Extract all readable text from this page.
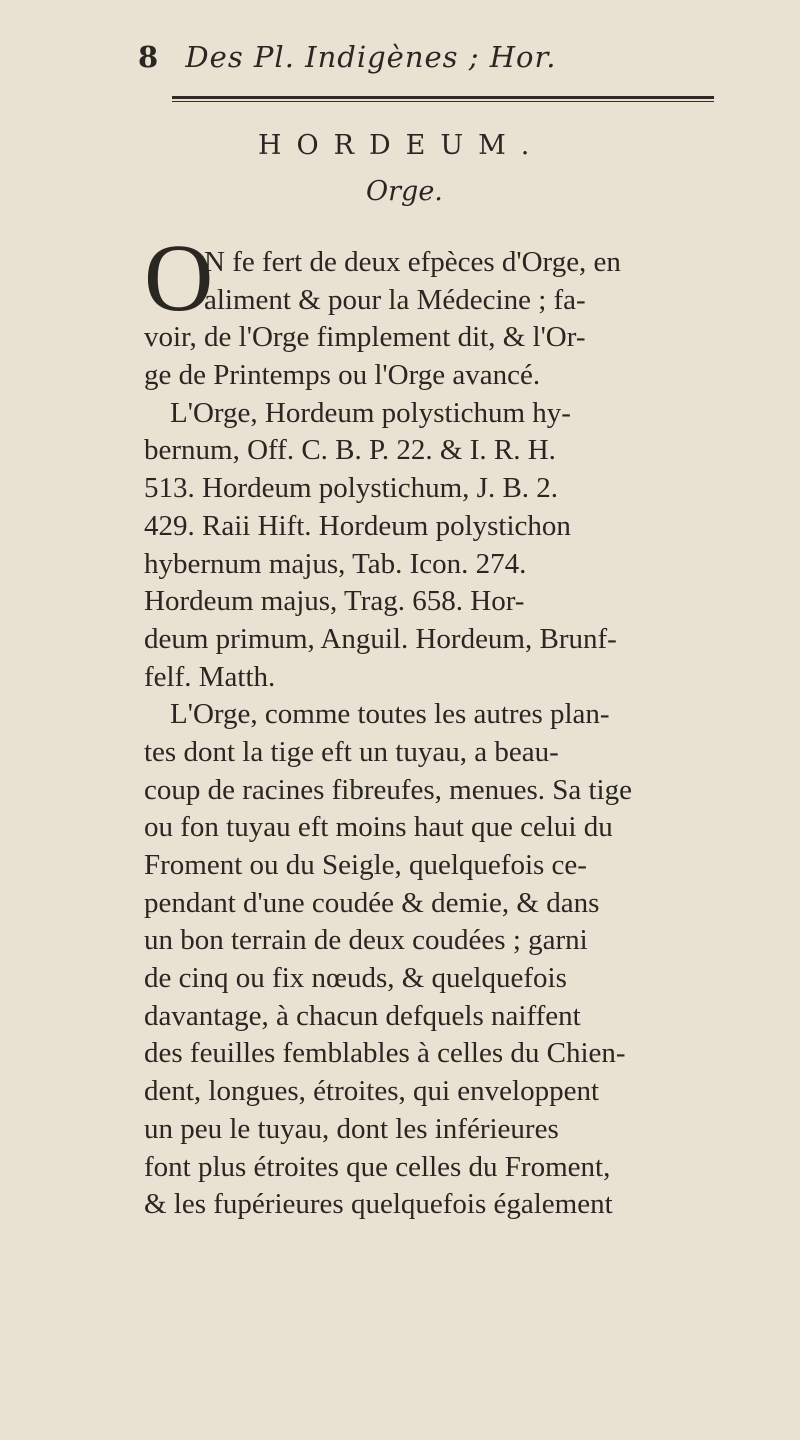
8 Des Pl. Indigènes ; Hor.
HORDEUM.
Orge.
O
N fe fert de deux efpèces d'Orge, en
aliment & pour la Médecine ; fa-
voir, de l'Orge fimplement dit, & l'Or-
ge de Printemps ou l'Orge avancé.
L'Orge, Hordeum polystichum hy-
bernum, Off. C. B. P. 22. & I. R. H.
513. Hordeum polystichum, J. B. 2.
429. Raii Hift. Hordeum polystichon
hybernum majus, Tab. Icon. 274.
Hordeum majus, Trag. 658. Hor-
deum primum, Anguil. Hordeum, Brunf-
felf. Matth.
L'Orge, comme toutes les autres plan-
tes dont la tige eft un tuyau, a beau-
coup de racines fibreufes, menues. Sa tige
ou fon tuyau eft moins haut que celui du
Froment ou du Seigle, quelquefois ce-
pendant d'une coudée & demie, & dans
un bon terrain de deux coudées ; garni
de cinq ou fix nœuds, & quelquefois
davantage, à chacun defquels naiffent
des feuilles femblables à celles du Chien-
dent, longues, étroites, qui enveloppent
un peu le tuyau, dont les inférieures
font plus étroites que celles du Froment,
& les fupérieures quelquefois également
